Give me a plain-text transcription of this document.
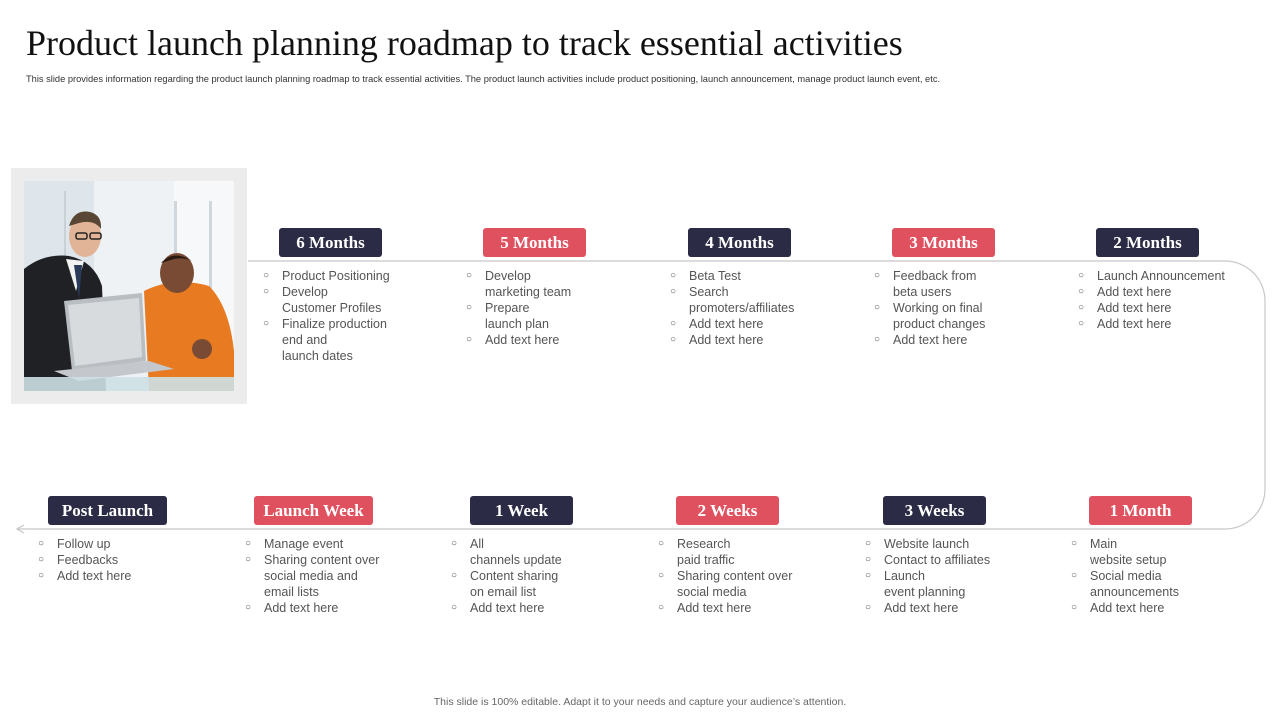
Product launch planning roadmap to track essential activities
This slide provides information regarding the product launch planning roadmap to track essential activities. The product launch activities include product positioning, launch announcement, manage product launch event, etc.
6 Months
○ Product Positioning
○ Develop
Customer Profiles
○ Finalize production
end and
launch dates
5 Months
○ Develop
marketing team
○ Prepare
launch plan
○ Add text here
4 Months
○ Beta Test
○ Search
promoters/affiliates
○ Add text here
○ Add text here
3 Months
○ Feedback from
beta users
○ Working on final
product changes
○ Add text here
2 Months
○ Launch Announcement
○ Add text here
○ Add text here
○ Add text here
Post Launch
○ Follow up
○ Feedbacks
○ Add text here
Launch Week
○ Manage event
○ Sharing content over
social media and
email lists
○ Add text here
1 Week
○ All
channels update
○ Content sharing
on email list
○ Add text here
2 Weeks
○ Research
paid traffic
○ Sharing content over
social media
○ Add text here
3 Weeks
○ Website launch
○ Contact to affiliates
○ Launch
event planning
○ Add text here
1 Month
○ Main
website setup
○ Social media
announcements
○ Add text here
This slide is 100% editable. Adapt it to your needs and capture your audience’s attention.
